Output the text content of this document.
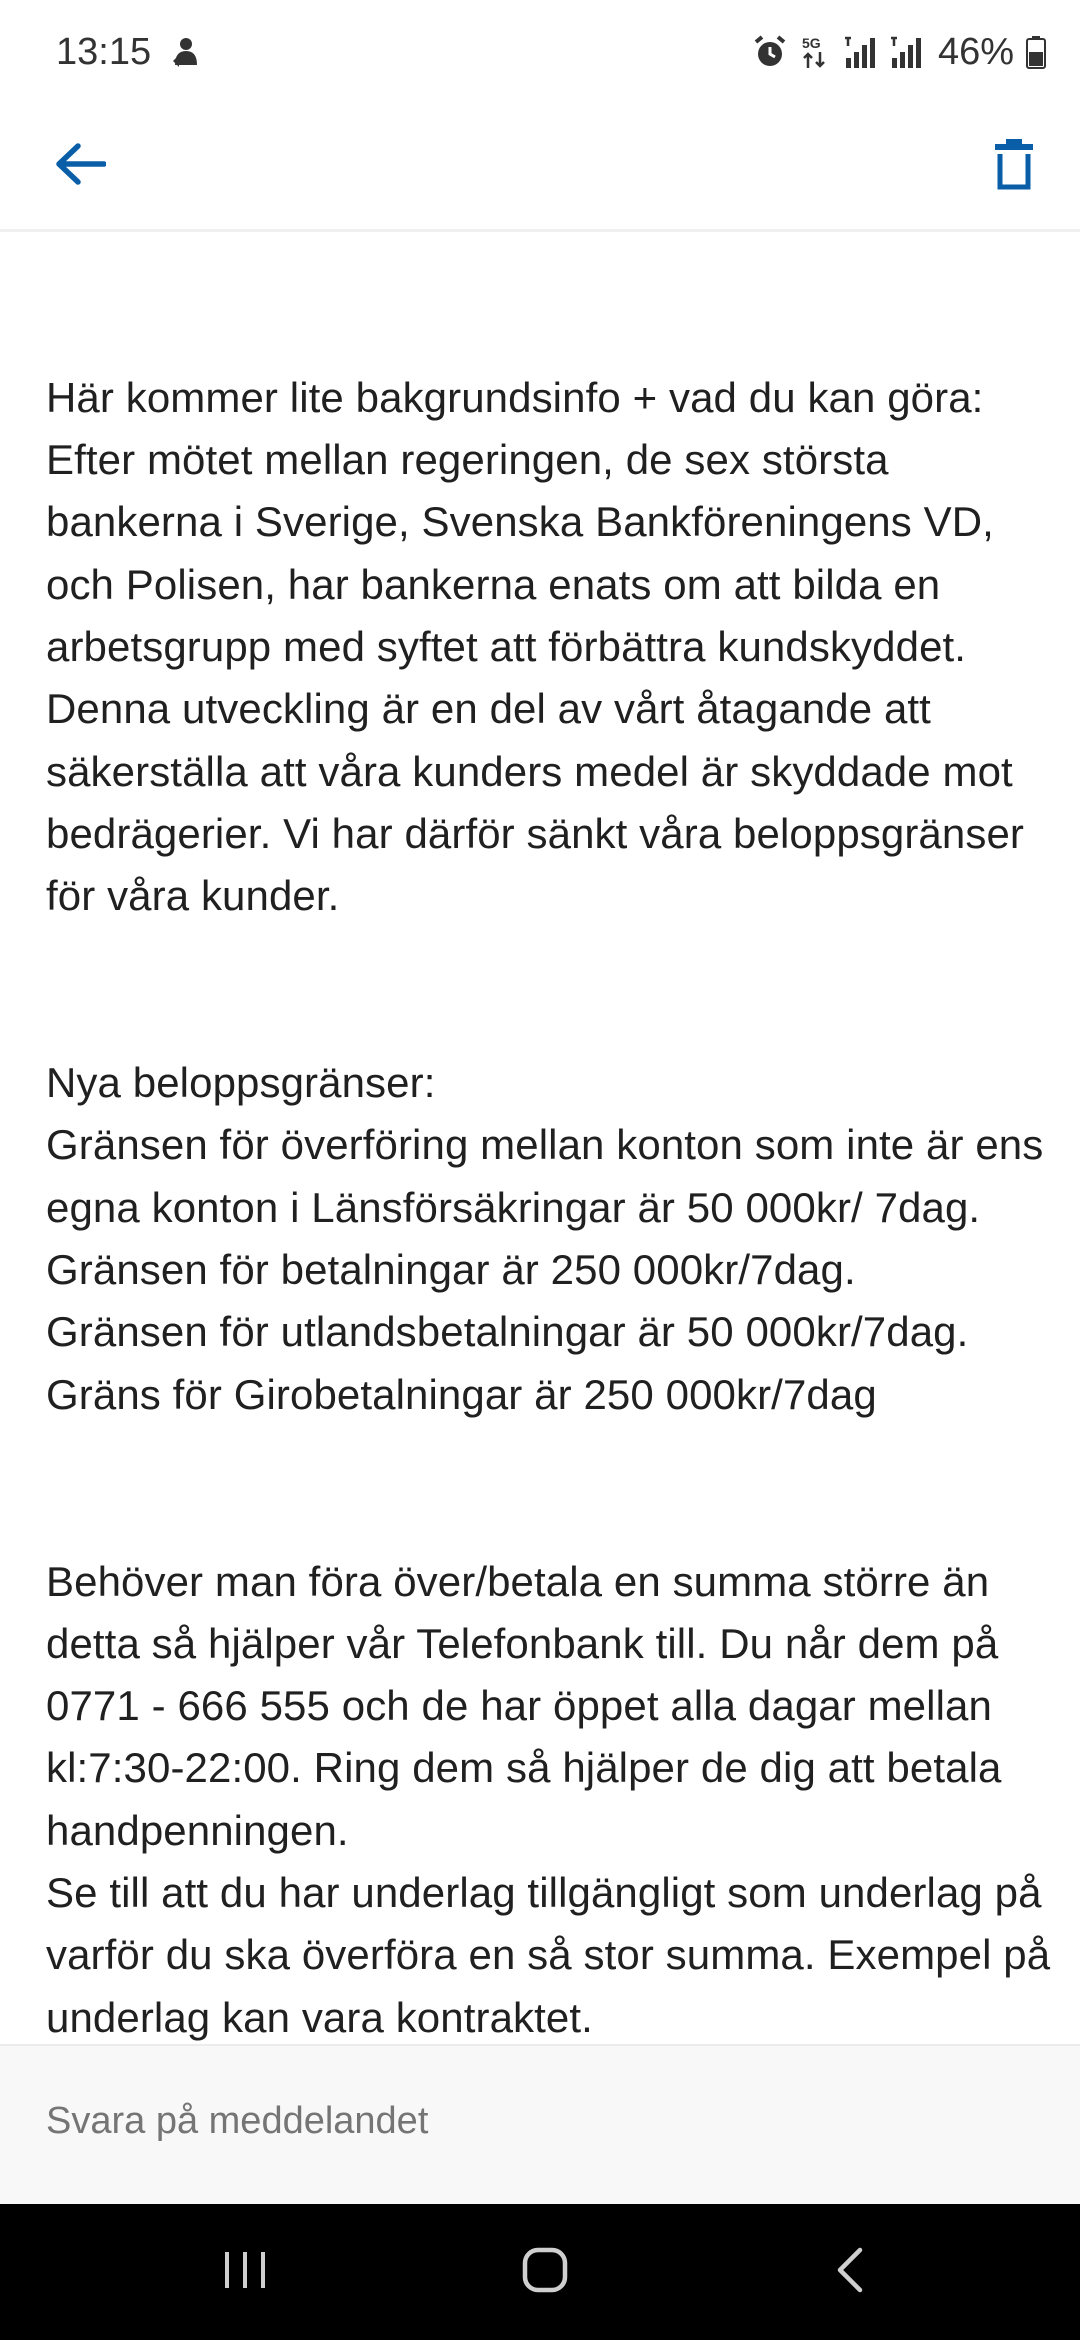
13:15	5G	46%

Här kommer lite bakgrundsinfo + vad du kan göra:
Efter mötet mellan regeringen, de sex största bankerna i Sverige, Svenska Bankföreningens VD, och Polisen, har bankerna enats om att bilda en arbetsgrupp med syftet att förbättra kundskyddet. Denna utveckling är en del av vårt åtagande att säkerställa att våra kunders medel är skyddade mot bedrägerier. Vi har därför sänkt våra beloppsgränser för våra kunder.

Nya beloppsgränser:
Gränsen för överföring mellan konton som inte är ens egna konton i Länsförsäkringar är 50 000kr/ 7dag.
Gränsen för betalningar är 250 000kr/7dag.
Gränsen för utlandsbetalningar är 50 000kr/7dag.
Gräns för Girobetalningar är 250 000kr/7dag

Behöver man föra över/betala en summa större än detta så hjälper vår Telefonbank till. Du når dem på 0771 - 666 555 och de har öppet alla dagar mellan kl:7:30-22:00. Ring dem så hjälper de dig att betala handpenningen.
Se till att du har underlag tillgängligt som underlag på varför du ska överföra en så stor summa. Exempel på underlag kan vara kontraktet.

Svara på meddelandet
